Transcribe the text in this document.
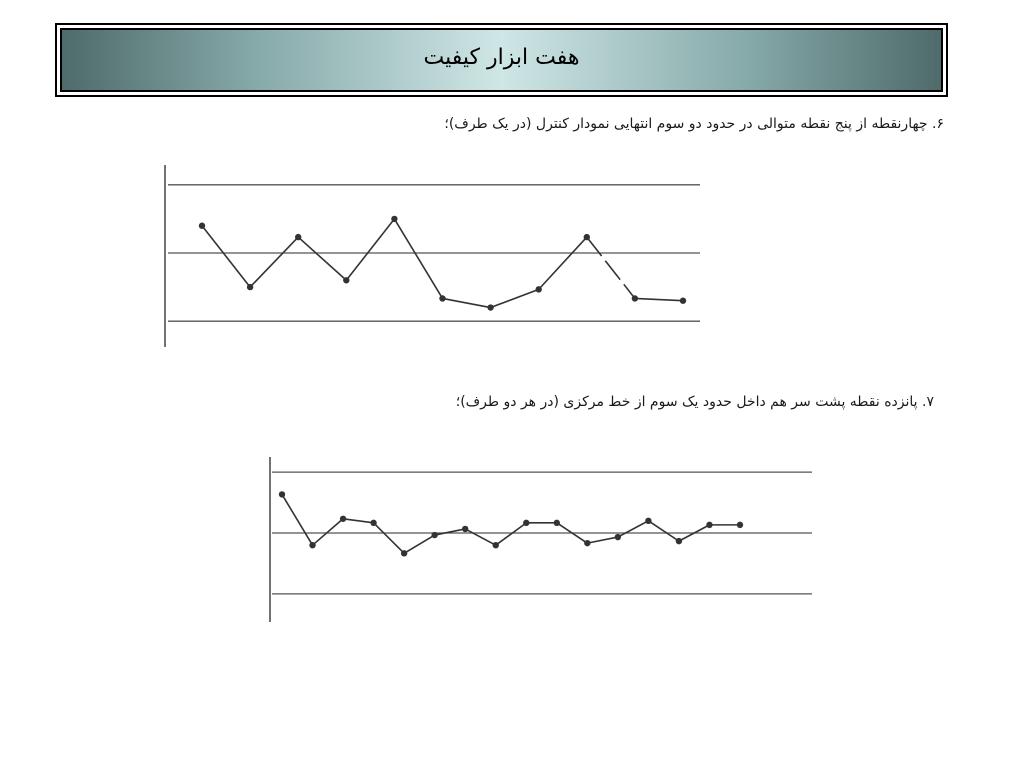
هفت ابزار کیفیت
۶. چهارنقطه از پنج نقطه متوالی در حدود دو سوم انتهایی نمودار کنترل (در یک طرف)؛
۷. پانزده نقطه پشت سر هم داخل حدود یک سوم از خط مرکزی (در هر دو طرف)؛
